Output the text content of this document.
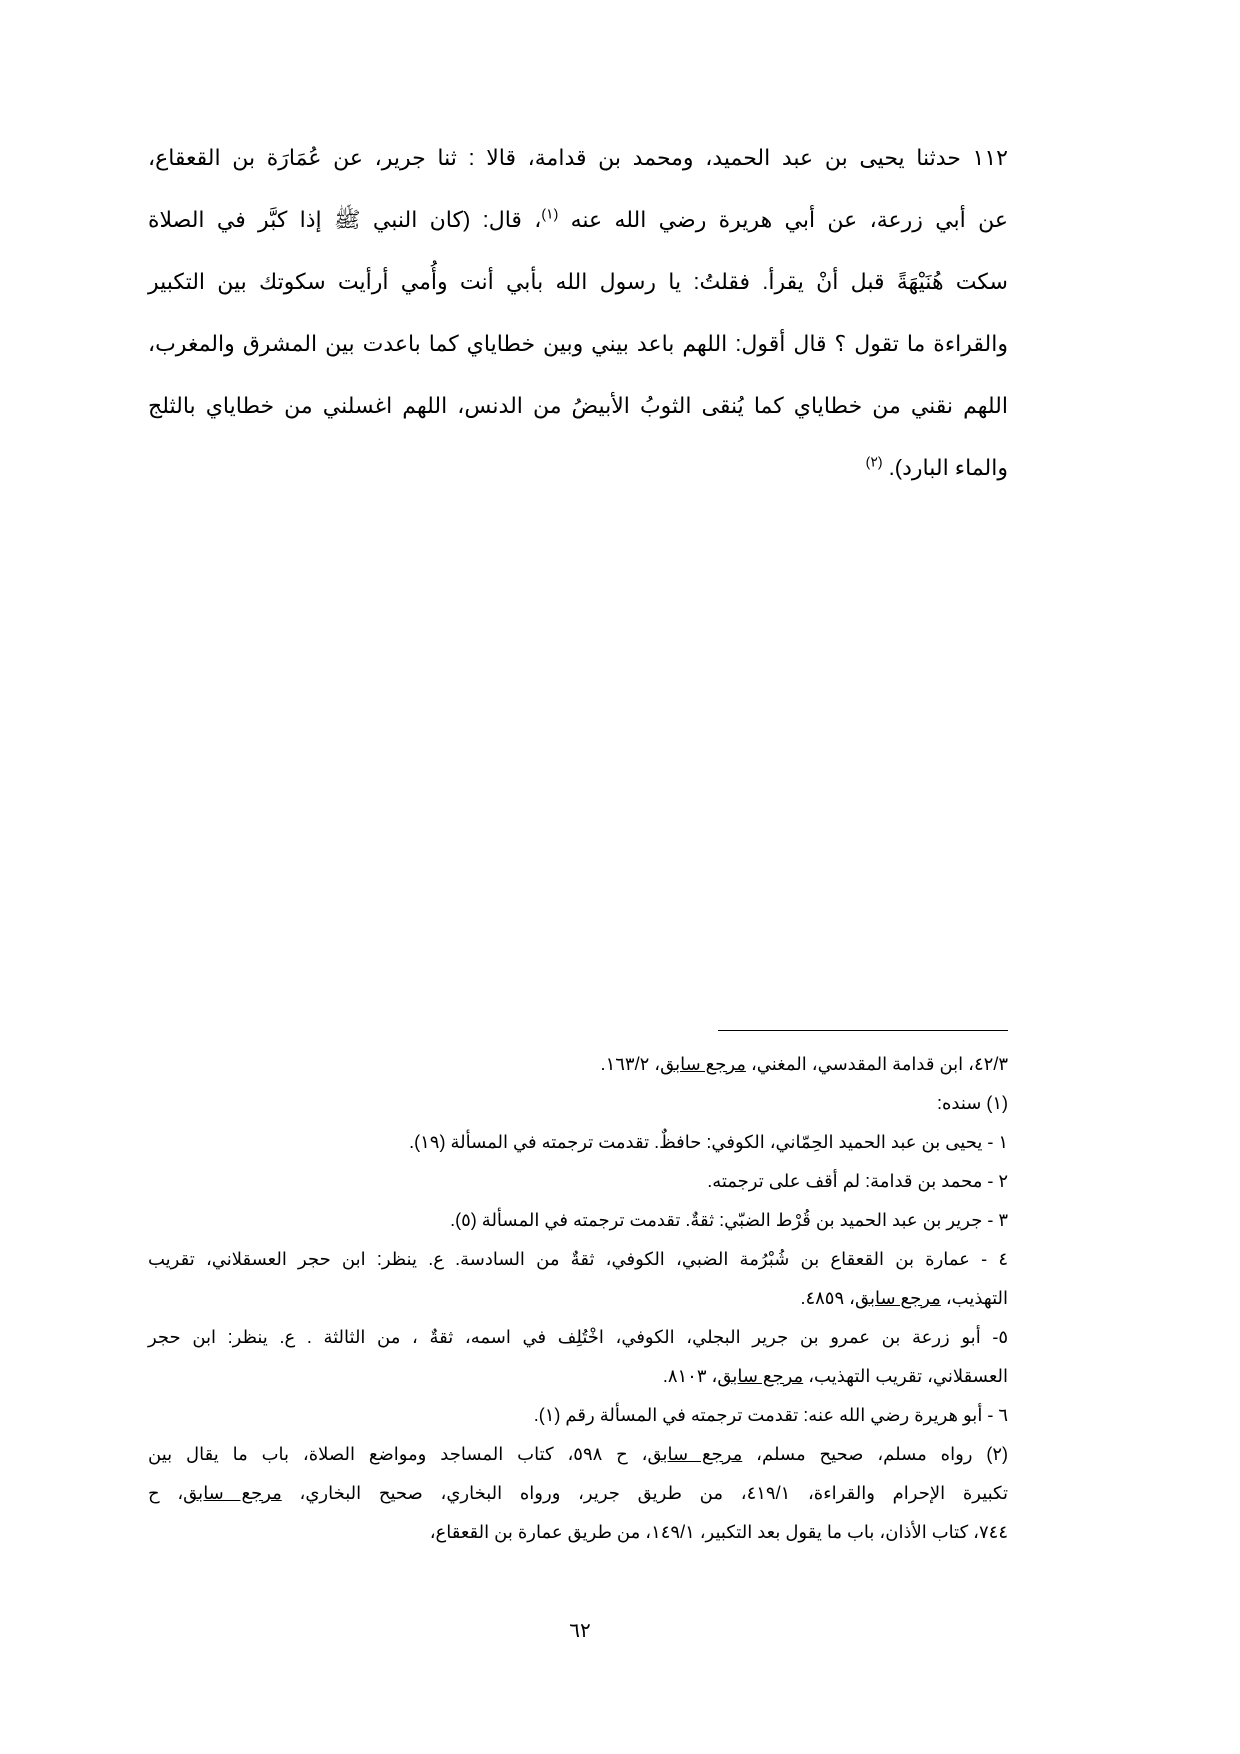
١١٢ حدثنا يحيى بن عبد الحميد، ومحمد بن قدامة، قالا : ثنا جرير، عن عُمَارَة بن القعقاع،
عن أبي زرعة، عن أبي هريرة رضي الله عنه $^{(١)}$، قال: (كان النبي ﷺ إذا كبَّر في الصلاة
سكت هُنَيْهَةً قبل أنْ يقرأ. فقلتُ: يا رسول الله بأبي أنت وأُمي أرأيت سكوتك بين التكبير
والقراءة ما تقول ؟ قال أقول: اللهم باعد بيني وبين خطاياي كما باعدت بين المشرق والمغرب،
اللهم نقني من خطاياي كما يُنقى الثوبُ الأبيضُ من الدنس، اللهم اغسلني من خطاياي بالثلج
والماء البارد). $^{(٢)}$
٤٢/٣، ابن قدامة المقدسي، المغني، مرجع سابق، ١٦٣/٢.
(١) سنده:
١ - يحيى بن عبد الحميد الحِمّاني، الكوفي: حافظٌ. تقدمت ترجمته في المسألة (١٩).
٢ - محمد بن قدامة: لم أقف على ترجمته.
٣ - جرير بن عبد الحميد بن قُرْط الضبّي: ثقةٌ. تقدمت ترجمته في المسألة (٥).
٤ - عمارة بن القعقاع بن شُبْرُمة الضبي، الكوفي، ثقةٌ من السادسة. ع. ينظر: ابن حجر العسقلاني، تقريب
التهذيب، مرجع سابق، ٤٨٥٩.
٥- أبو زرعة بن عمرو بن جرير البجلي، الكوفي، اخْتُلِف في اسمه، ثقةٌ ، من الثالثة . ع. ينظر: ابن حجر
العسقلاني، تقريب التهذيب، مرجع سابق، ٨١٠٣.
٦ - أبو هريرة رضي الله عنه: تقدمت ترجمته في المسألة رقم (١).
(٢) رواه مسلم، صحيح مسلم، مرجع سابق، ح ٥٩٨، كتاب المساجد ومواضع الصلاة، باب ما يقال بين
تكبيرة الإحرام والقراءة، ٤١٩/١، من طريق جرير، ورواه البخاري، صحيح البخاري، مرجع سابق، ح
٧٤٤، كتاب الأذان، باب ما يقول بعد التكبير، ١٤٩/١، من طريق عمارة بن القعقاع،
٦٢
